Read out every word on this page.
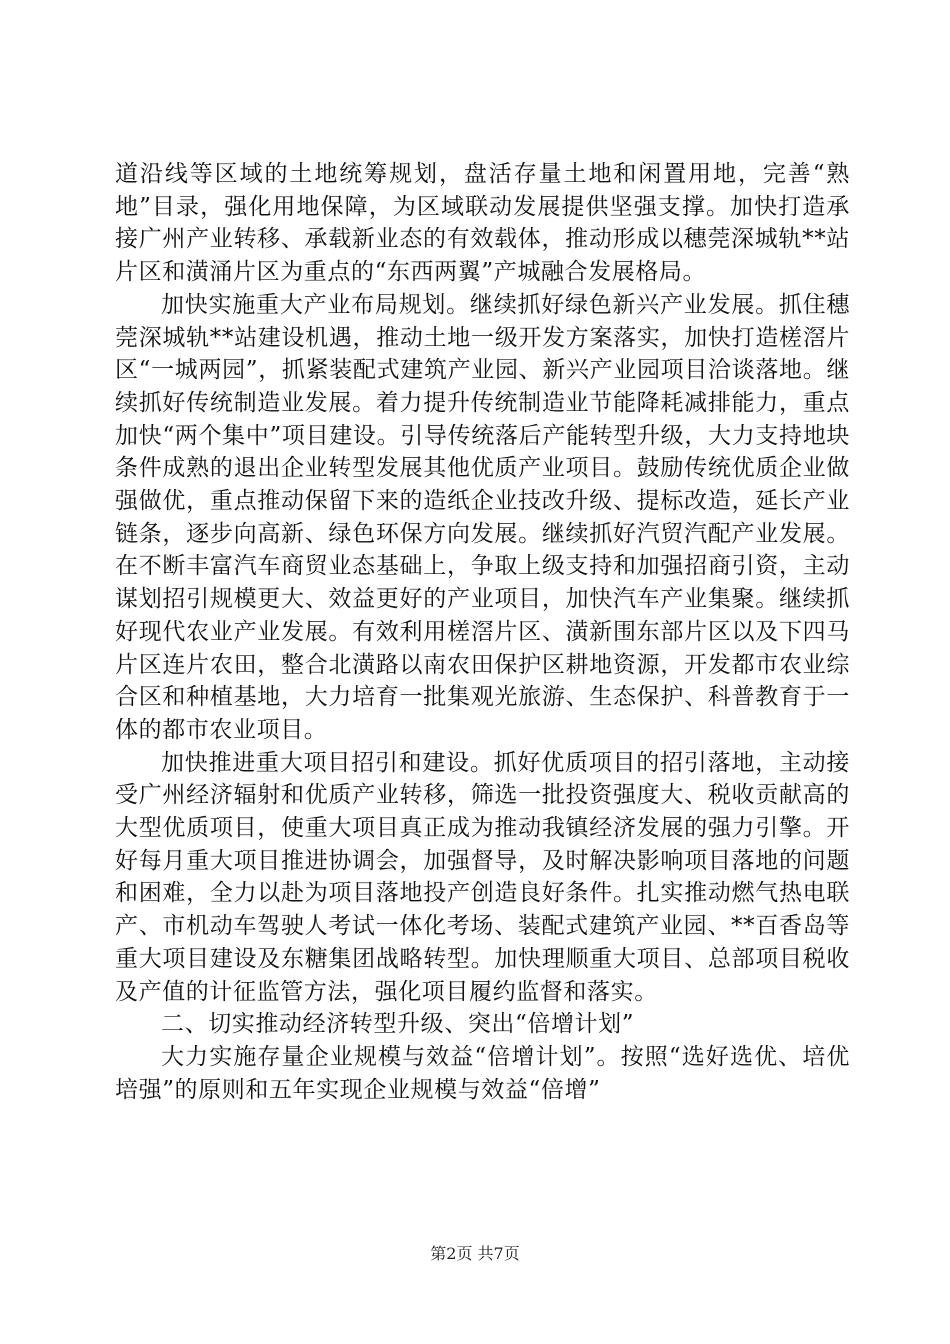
道沿线等区域的土地统筹规划，盘活存量土地和闲置用地，完善“熟地”目录，强化用地保障，为区域联动发展提供坚强支撑。加快打造承接广州产业转移、承载新业态的有效载体，推动形成以穗莞深城轨**站片区和潢涌片区为重点的“东西两翼”产城融合发展格局。

加快实施重大产业布局规划。继续抓好绿色新兴产业发展。抓住穗莞深城轨**站建设机遇，推动土地一级开发方案落实，加快打造槎滘片区“一城两园”，抓紧装配式建筑产业园、新兴产业园项目洽谈落地。继续抓好传统制造业发展。着力提升传统制造业节能降耗减排能力，重点加快“两个集中”项目建设。引导传统落后产能转型升级，大力支持地块条件成熟的退出企业转型发展其他优质产业项目。鼓励传统优质企业做强做优，重点推动保留下来的造纸企业技改升级、提标改造，延长产业链条，逐步向高新、绿色环保方向发展。继续抓好汽贸汽配产业发展。在不断丰富汽车商贸业态基础上，争取上级支持和加强招商引资，主动谋划招引规模更大、效益更好的产业项目，加快汽车产业集聚。继续抓好现代农业产业发展。有效利用槎滘片区、潢新围东部片区以及下四马片区连片农田，整合北潢路以南农田保护区耕地资源，开发都市农业综合区和种植基地，大力培育一批集观光旅游、生态保护、科普教育于一体的都市农业项目。

加快推进重大项目招引和建设。抓好优质项目的招引落地，主动接受广州经济辐射和优质产业转移，筛选一批投资强度大、税收贡献高的大型优质项目，使重大项目真正成为推动我镇经济发展的强力引擎。开好每月重大项目推进协调会，加强督导，及时解决影响项目落地的问题和困难，全力以赴为项目落地投产创造良好条件。扎实推动燃气热电联产、市机动车驾驶人考试一体化考场、装配式建筑产业园、**百香岛等重大项目建设及东糖集团战略转型。加快理顺重大项目、总部项目税收及产值的计征监管方法，强化项目履约监督和落实。

二、切实推动经济转型升级、突出“倍增计划”

大力实施存量企业规模与效益“倍增计划”。按照“选好选优、培优培强”的原则和五年实现企业规模与效益“倍增”

第2页 共7页
